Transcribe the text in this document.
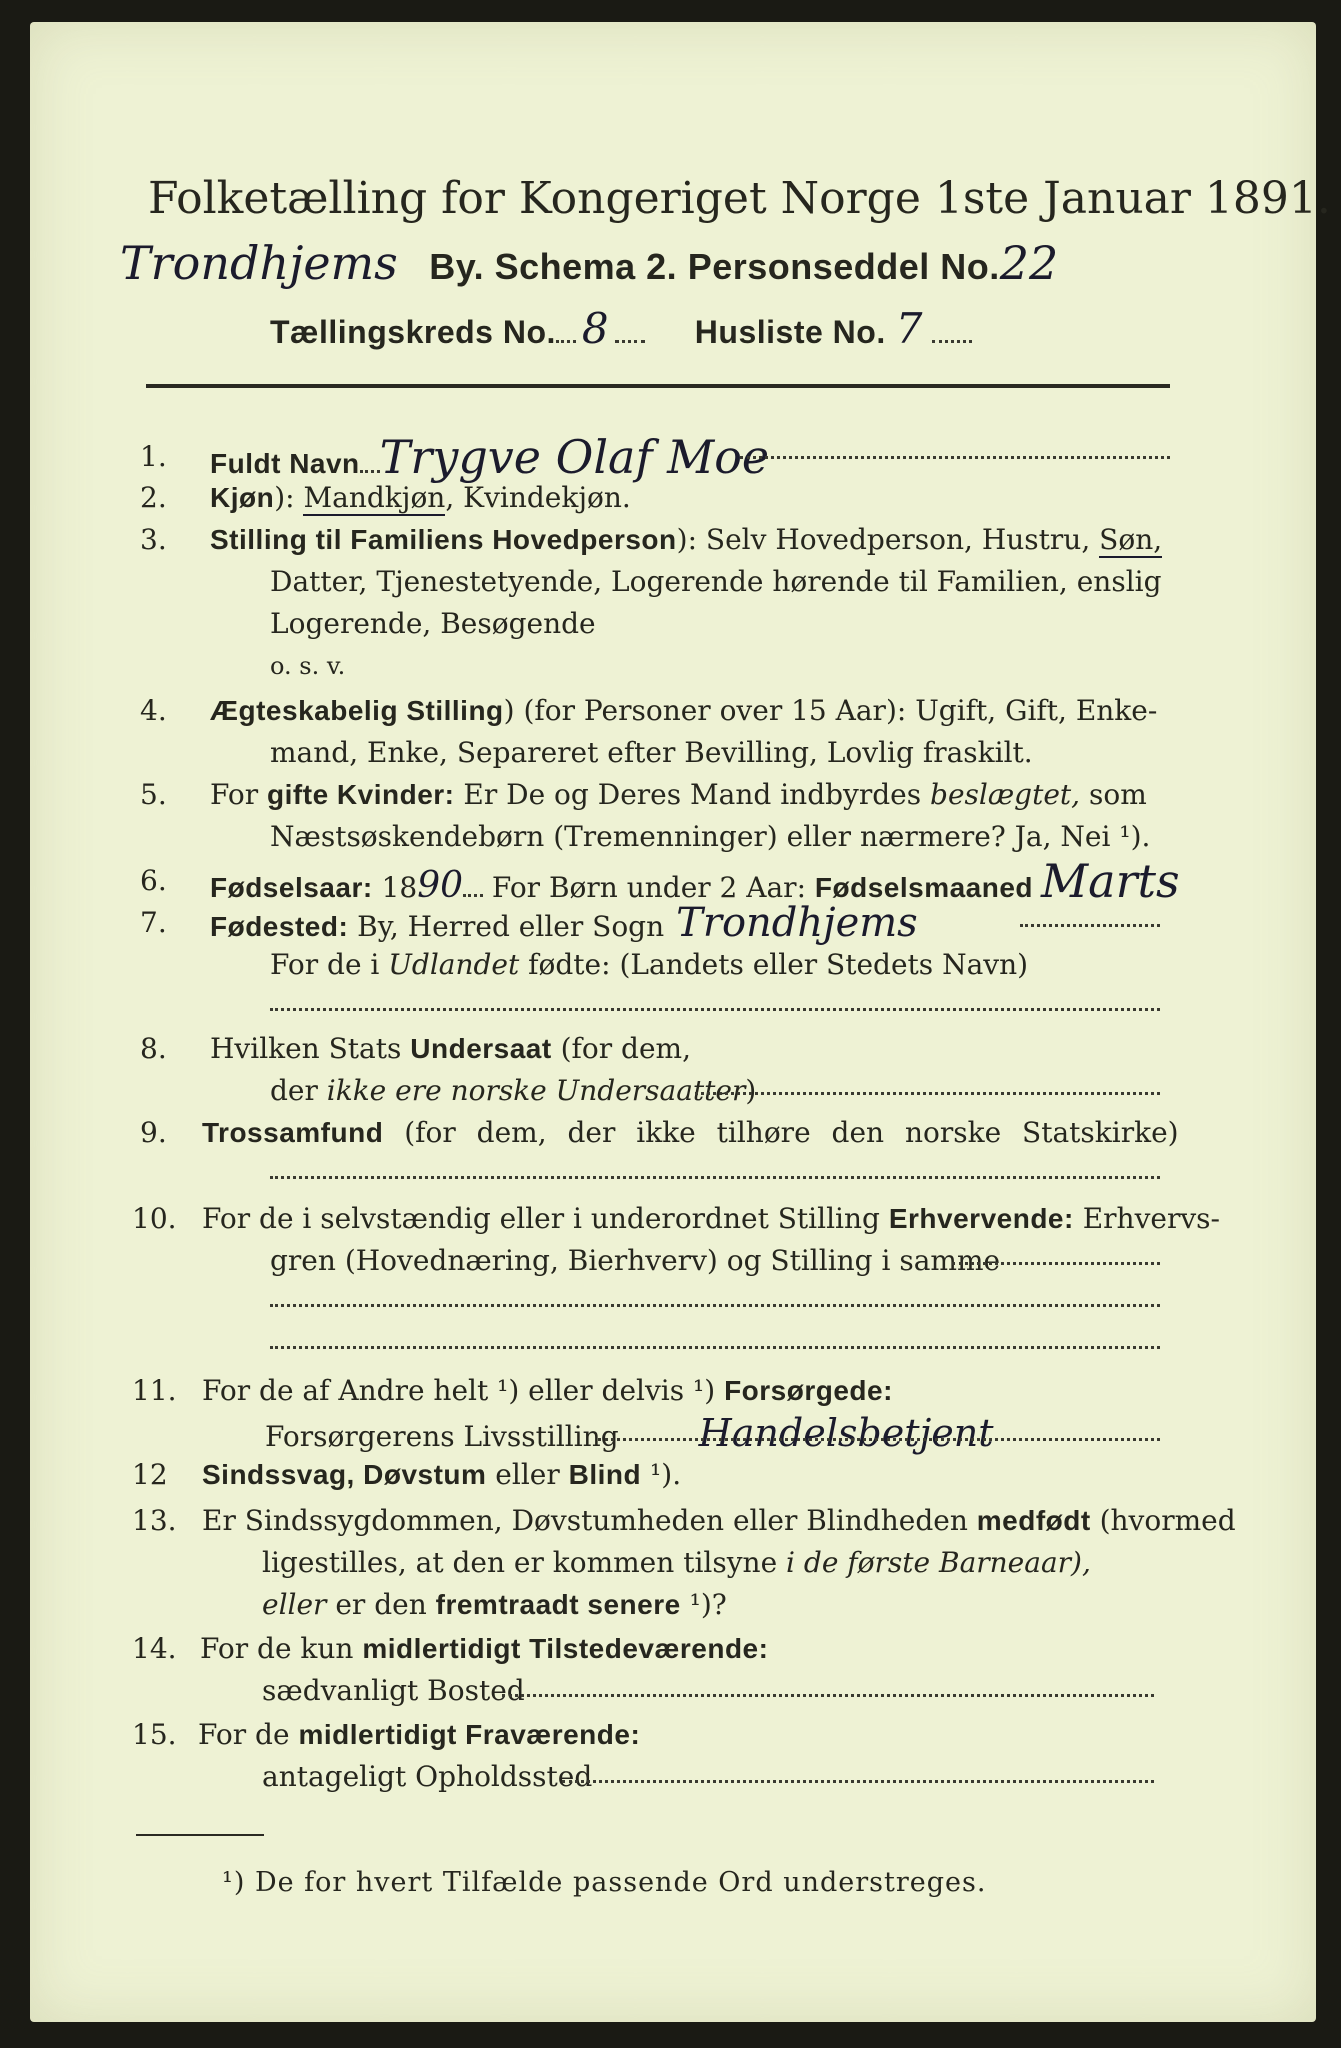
Folketælling for Kongeriget Norge 1ste Januar 1891.
Trondhjems By. Schema 2. Personseddel No.22
Tællingskreds No. 8	Husliste No. 7
1. Fuldt Navn Trygve Olaf Moe
2. Kjøn): Mandkjøn, Kvindekjøn.
3. Stilling til Familiens Hovedperson): Selv Hovedperson, Hustru, Søn,
Datter, Tjenestetyende, Logerende hørende til Familien, enslig
Logerende, Besøgende
o. s. v.
4. Ægteskabelig Stilling) (for Personer over 15 Aar): Ugift, Gift, Enke-
mand, Enke, Separeret efter Bevilling, Lovlig fraskilt.
5. For gifte Kvinder: Er De og Deres Mand indbyrdes beslægtet, som
Næstsøskendebørn (Tremenninger) eller nærmere? Ja, Nei ¹).
6. Fødselsaar: 1890 For Børn under 2 Aar: Fødselsmaaned Marts
7. Fødested: By, Herred eller Sogn Trondhjems
For de i Udlandet fødte: (Landets eller Stedets Navn)
8. Hvilken Stats Undersaat (for dem,
der ikke ere norske Undersaatter)
9. Trossamfund (for dem, der ikke tilhøre den norske Statskirke)
10. For de i selvstændig eller i underordnet Stilling Erhvervende: Erhvervs-
gren (Hovednæring, Bierhverv) og Stilling i samme
11. For de af Andre helt ¹) eller delvis ¹) Forsørgede:
Forsørgerens Livsstilling Handelsbetjent
12 Sindssvag, Døvstum eller Blind ¹).
13. Er Sindssygdommen, Døvstumheden eller Blindheden medfødt (hvormed
ligestilles, at den er kommen tilsyne i de første Barneaar),
eller er den fremtraadt senere ¹)?
14. For de kun midlertidigt Tilstedeværende:
sædvanligt Bosted
15. For de midlertidigt Fraværende:
antageligt Opholdssted
¹) De for hvert Tilfælde passende Ord understreges.
